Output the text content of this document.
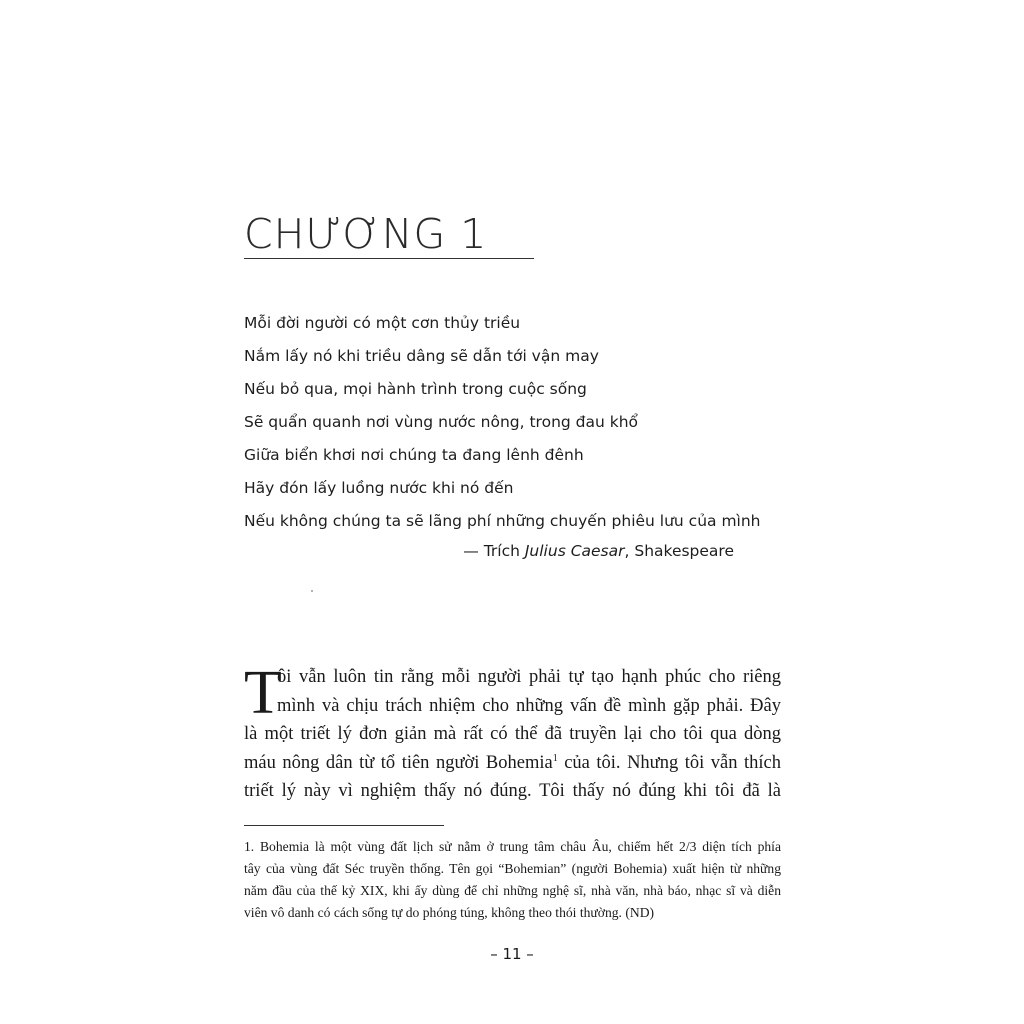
CHƯƠNG 1
Mỗi đời người có một cơn thủy triều
Nắm lấy nó khi triều dâng sẽ dẫn tới vận may
Nếu bỏ qua, mọi hành trình trong cuộc sống
Sẽ quẩn quanh nơi vùng nước nông, trong đau khổ
Giữa biển khơi nơi chúng ta đang lênh đênh
Hãy đón lấy luồng nước khi nó đến
Nếu không chúng ta sẽ lãng phí những chuyến phiêu lưu của mình
— Trích Julius Caesar, Shakespeare
T
ôi vẫn luôn tin rằng mỗi người phải tự tạo hạnh phúc cho riêng
mình và chịu trách nhiệm cho những vấn đề mình gặp phải. Đây
là một triết lý đơn giản mà rất có thể đã truyền lại cho tôi qua dòng
máu nông dân từ tổ tiên người Bohemia$^1$ của tôi. Nhưng tôi vẫn thích
triết lý này vì nghiệm thấy nó đúng. Tôi thấy nó đúng khi tôi đã là
1. Bohemia là một vùng đất lịch sử nằm ở trung tâm châu Âu, chiếm hết 2/3 diện tích phía
tây của vùng đất Séc truyền thống. Tên gọi “Bohemian” (người Bohemia) xuất hiện từ những
năm đầu của thế kỷ XIX, khi ấy dùng để chỉ những nghệ sĩ, nhà văn, nhà báo, nhạc sĩ và diễn
viên vô danh có cách sống tự do phóng túng, không theo thói thường. (ND)
– 11 –
